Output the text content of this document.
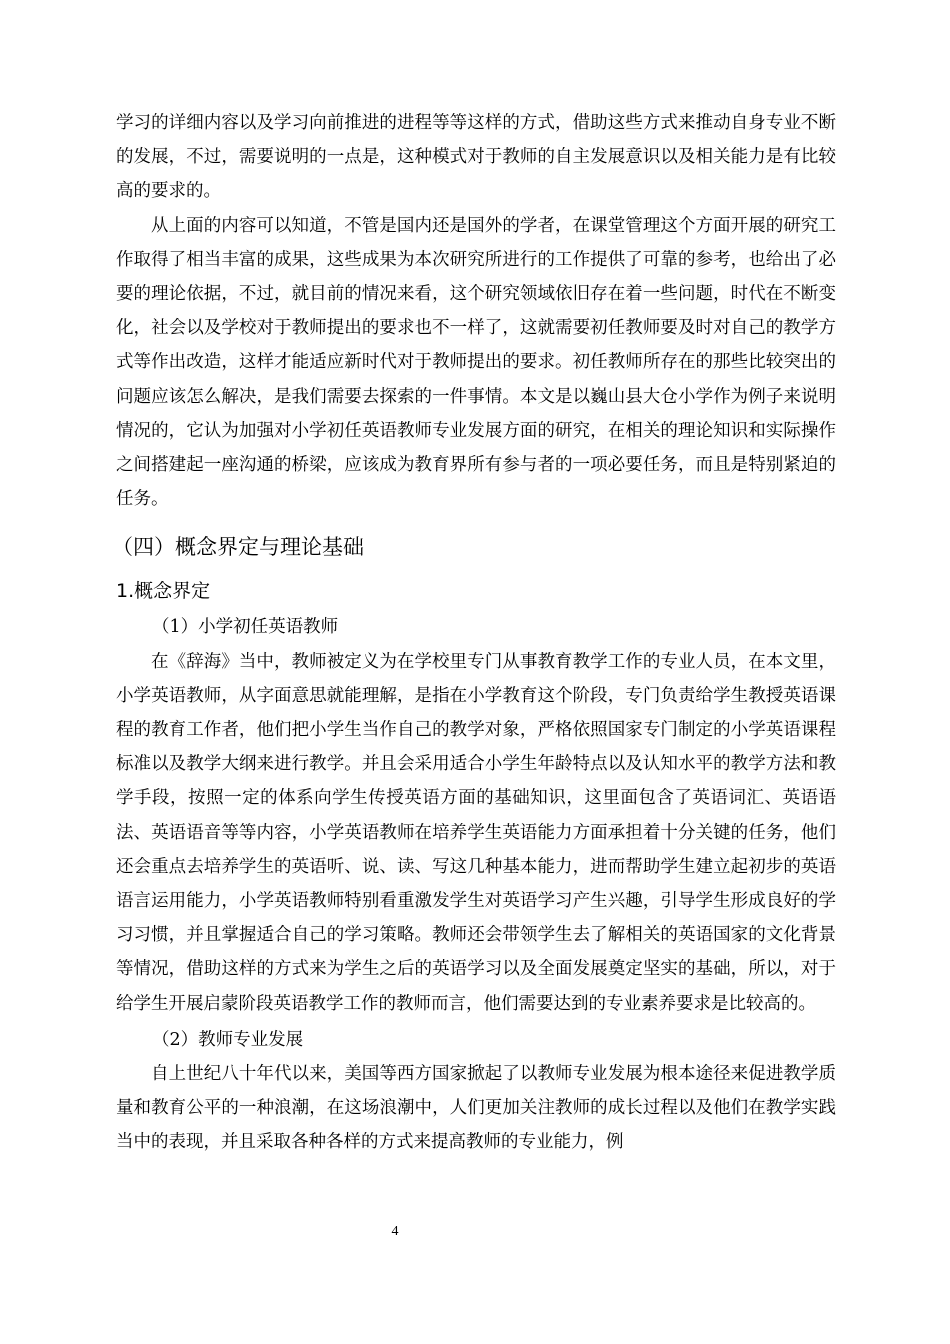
学习的详细内容以及学习向前推进的进程等等这样的方式，借助这些方式来推动自身专业不断的发展，不过，需要说明的一点是，这种模式对于教师的自主发展意识以及相关能力是有比较高的要求的。

从上面的内容可以知道，不管是国内还是国外的学者，在课堂管理这个方面开展的研究工作取得了相当丰富的成果，这些成果为本次研究所进行的工作提供了可靠的参考，也给出了必要的理论依据，不过，就目前的情况来看，这个研究领域依旧存在着一些问题，时代在不断变化，社会以及学校对于教师提出的要求也不一样了，这就需要初任教师要及时对自己的教学方式等作出改造，这样才能适应新时代对于教师提出的要求。初任教师所存在的那些比较突出的问题应该怎么解决，是我们需要去探索的一件事情。本文是以巍山县大仓小学作为例子来说明情况的，它认为加强对小学初任英语教师专业发展方面的研究，在相关的理论知识和实际操作之间搭建起一座沟通的桥梁，应该成为教育界所有参与者的一项必要任务，而且是特别紧迫的任务。

（四）概念界定与理论基础
1.概念界定
（1）小学初任英语教师

在《辞海》当中，教师被定义为在学校里专门从事教育教学工作的专业人员，在本文里，小学英语教师，从字面意思就能理解，是指在小学教育这个阶段，专门负责给学生教授英语课程的教育工作者，他们把小学生当作自己的教学对象，严格依照国家专门制定的小学英语课程标准以及教学大纲来进行教学。并且会采用适合小学生年龄特点以及认知水平的教学方法和教学手段，按照一定的体系向学生传授英语方面的基础知识，这里面包含了英语词汇、英语语法、英语语音等等内容，小学英语教师在培养学生英语能力方面承担着十分关键的任务，他们还会重点去培养学生的英语听、说、读、写这几种基本能力，进而帮助学生建立起初步的英语语言运用能力，小学英语教师特别看重激发学生对英语学习产生兴趣，引导学生形成良好的学习习惯，并且掌握适合自己的学习策略。教师还会带领学生去了解相关的英语国家的文化背景等情况，借助这样的方式来为学生之后的英语学习以及全面发展奠定坚实的基础，所以，对于给学生开展启蒙阶段英语教学工作的教师而言，他们需要达到的专业素养要求是比较高的。

（2）教师专业发展

自上世纪八十年代以来，美国等西方国家掀起了以教师专业发展为根本途径来促进教学质量和教育公平的一种浪潮，在这场浪潮中，人们更加关注教师的成长过程以及他们在教学实践当中的表现，并且采取各种各样的方式来提高教师的专业能力，例

4
